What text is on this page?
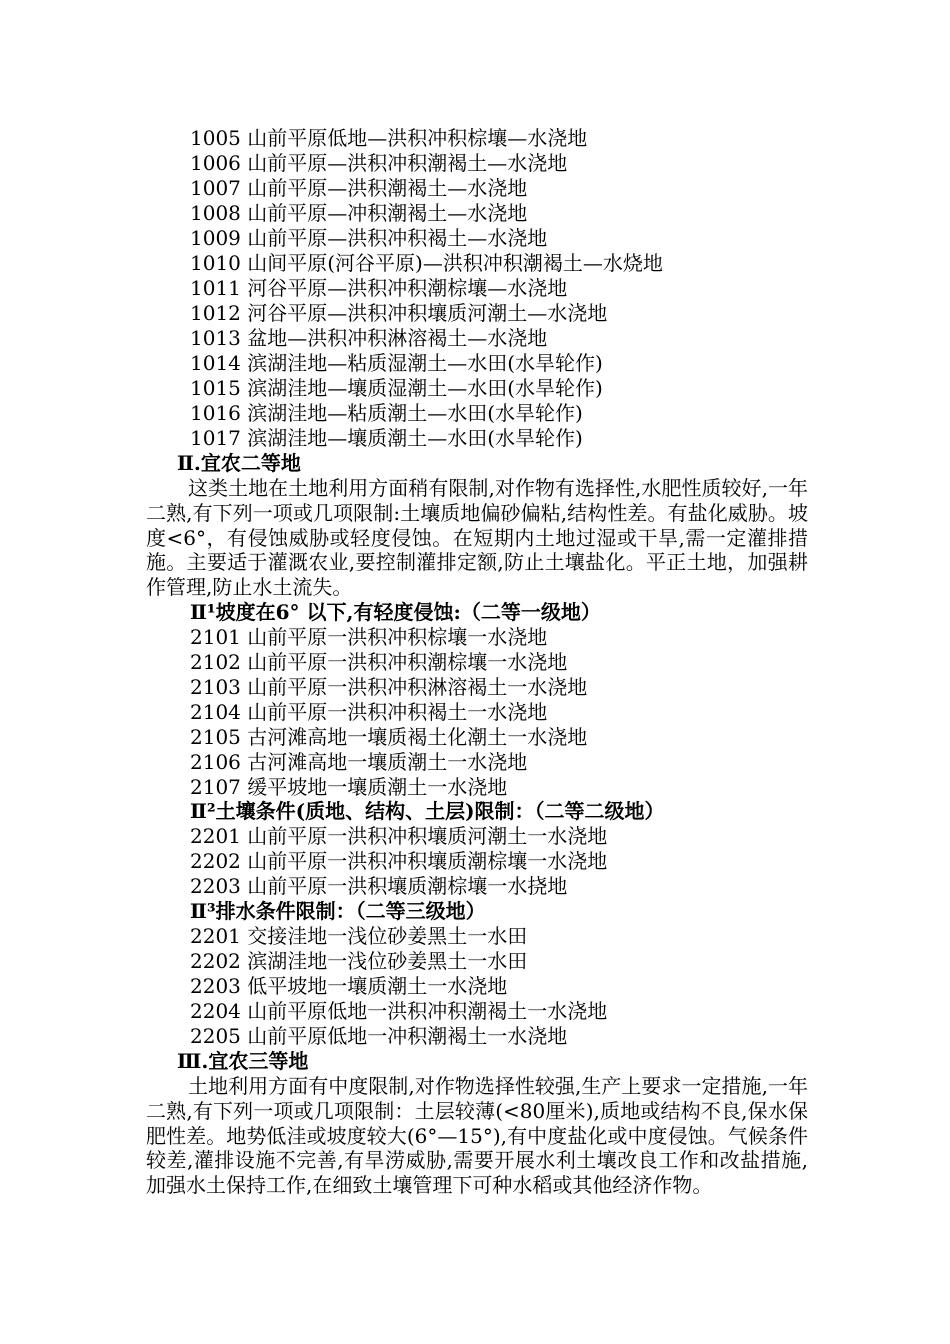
1005 山前平原低地—洪积冲积棕壤—水浇地
1006 山前平原—洪积冲积潮褐土—水浇地
1007 山前平原—洪积潮褐土—水浇地
1008 山前平原—冲积潮褐土—水浇地
1009 山前平原—洪积冲积褐土—水浇地
1010 山间平原(河谷平原)—洪积冲积潮褐土—水烧地
1011 河谷平原—洪积冲积潮棕壤—水浇地
1012 河谷平原—洪积冲积壤质河潮土—水浇地
1013 盆地—洪积冲积淋溶褐土—水浇地
1014 滨湖洼地—粘质湿潮土—水田(水旱轮作)
1015 滨湖洼地—壤质湿潮土—水田(水旱轮作)
1016 滨湖洼地—粘质潮土—水田(水旱轮作)
1017 滨湖洼地—壤质潮土—水田(水旱轮作)
Ⅱ.宜农二等地
这类土地在土地利用方面稍有限制,对作物有选择性,水肥性质较好,一年二熟,有下列一项或几项限制:土壤质地偏砂偏粘,结构性差。有盐化威胁。坡度<6°，有侵蚀威胁或轻度侵蚀。在短期内土地过湿或干旱,需一定灌排措施。主要适于灌溉农业,要控制灌排定额,防止土壤盐化。平正土地，加强耕作管理,防止水土流失。
Ⅱ¹坡度在6° 以下,有轻度侵蚀:（二等一级地）
2101 山前平原一洪积冲积棕壤一水浇地
2102 山前平原一洪积冲积潮棕壤一水浇地
2103 山前平原一洪积冲积淋溶褐土一水浇地
2104 山前平原一洪积冲积褐土一水浇地
2105 古河滩高地一壤质褐土化潮土一水浇地
2106 古河滩高地一壤质潮土一水浇地
2107 缓平坡地一壤质潮土一水浇地
Ⅱ²土壤条件(质地、结构、土层)限制：（二等二级地）
2201 山前平原一洪积冲积壤质河潮土一水浇地
2202 山前平原一洪积冲积壤质潮棕壤一水浇地
2203 山前平原一洪积壤质潮棕壤一水挠地
Ⅱ³排水条件限制：（二等三级地）
2201 交接洼地一浅位砂姜黑土一水田
2202 滨湖洼地一浅位砂姜黑土一水田
2203 低平坡地一壤质潮土一水浇地
2204 山前平原低地一洪积冲积潮褐土一水浇地
2205 山前平原低地一冲积潮褐土一水浇地
Ⅲ.宜农三等地
土地利用方面有中度限制,对作物选择性较强,生产上要求一定措施,一年二熟,有下列一项或几项限制：土层较薄(<80厘米),质地或结构不良,保水保肥性差。地势低洼或坡度较大(6°—15°),有中度盐化或中度侵蚀。气候条件较差,灌排设施不完善,有旱涝威胁,需要开展水利土壤改良工作和改盐措施,加强水土保持工作,在细致土壤管理下可种水稻或其他经济作物。
